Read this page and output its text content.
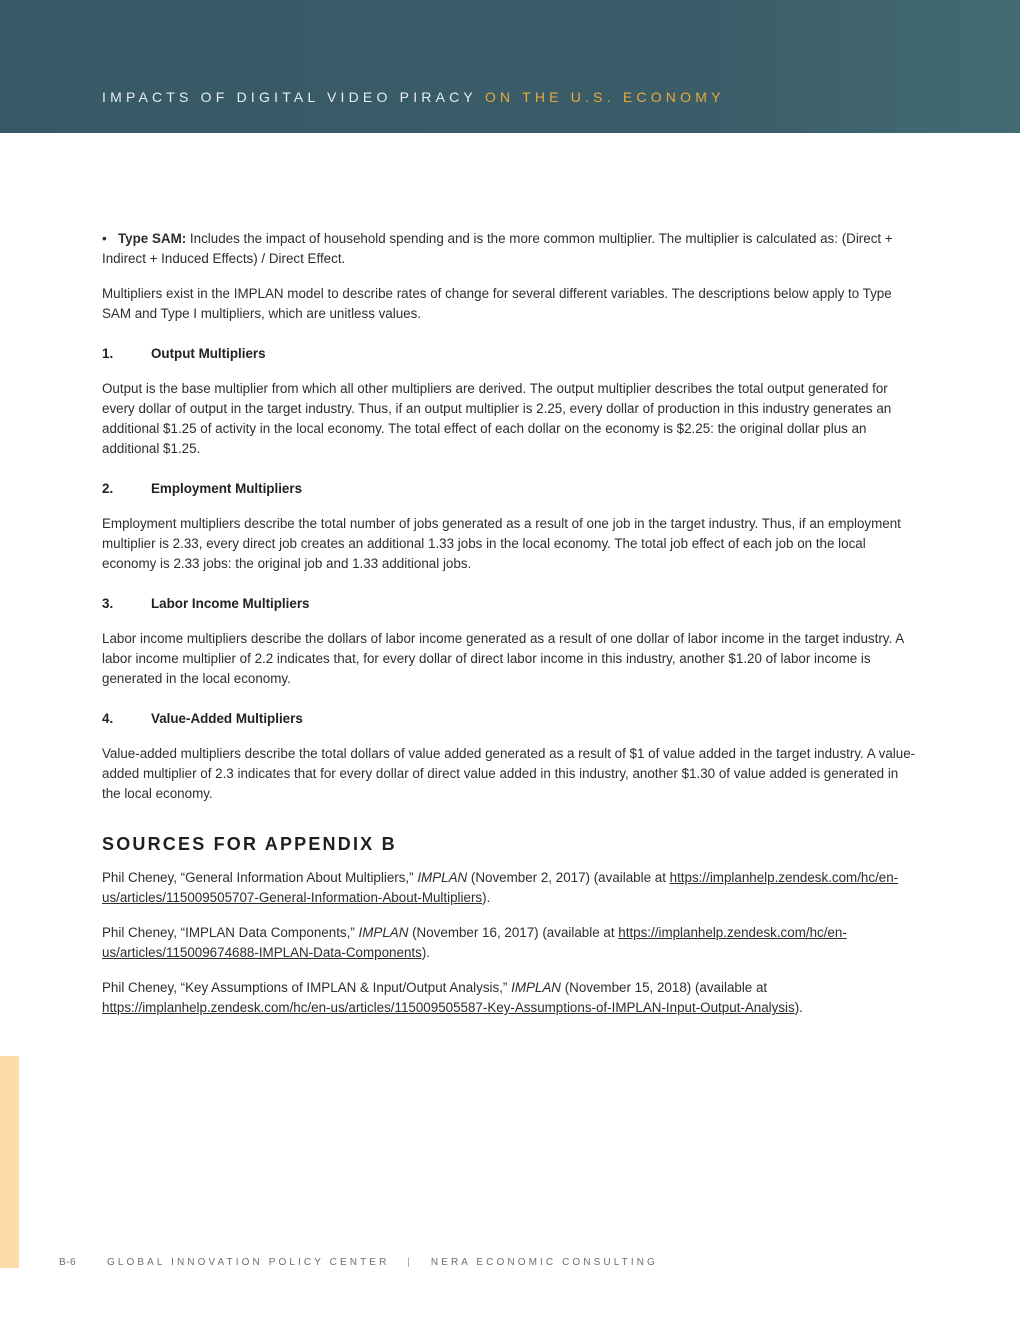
IMPACTS OF DIGITAL VIDEO PIRACY ON THE U.S. ECONOMY

• Type SAM: Includes the impact of household spending and is the more common multiplier. The multiplier is calculated as: (Direct + Indirect + Induced Effects) / Direct Effect.

Multipliers exist in the IMPLAN model to describe rates of change for several different variables. The descriptions below apply to Type SAM and Type I multipliers, which are unitless values.

1.	Output Multipliers

Output is the base multiplier from which all other multipliers are derived. The output multiplier describes the total output generated for every dollar of output in the target industry. Thus, if an output multiplier is 2.25, every dollar of production in this industry generates an additional $1.25 of activity in the local economy. The total effect of each dollar on the economy is $2.25: the original dollar plus an additional $1.25.

2.	Employment Multipliers

Employment multipliers describe the total number of jobs generated as a result of one job in the target industry. Thus, if an employment multiplier is 2.33, every direct job creates an additional 1.33 jobs in the local economy. The total job effect of each job on the local economy is 2.33 jobs: the original job and 1.33 additional jobs.

3.	Labor Income Multipliers

Labor income multipliers describe the dollars of labor income generated as a result of one dollar of labor income in the target industry. A labor income multiplier of 2.2 indicates that, for every dollar of direct labor income in this industry, another $1.20 of labor income is generated in the local economy.

4.	Value-Added Multipliers

Value-added multipliers describe the total dollars of value added generated as a result of $1 of value added in the target industry. A value-added multiplier of 2.3 indicates that for every dollar of direct value added in this industry, another $1.30 of value added is generated in the local economy.

SOURCES FOR APPENDIX B

Phil Cheney, “General Information About Multipliers,” IMPLAN (November 2, 2017) (available at https://implanhelp.zendesk.com/hc/en-us/articles/115009505707-General-Information-About-Multipliers).

Phil Cheney, “IMPLAN Data Components,” IMPLAN (November 16, 2017) (available at https://implanhelp.zendesk.com/hc/en-us/articles/115009674688-IMPLAN-Data-Components).

Phil Cheney, “Key Assumptions of IMPLAN & Input/Output Analysis,” IMPLAN (November 15, 2018) (available at https://implanhelp.zendesk.com/hc/en-us/articles/115009505587-Key-Assumptions-of-IMPLAN-Input-Output-Analysis).

B-6	GLOBAL INNOVATION POLICY CENTER | NERA ECONOMIC CONSULTING
